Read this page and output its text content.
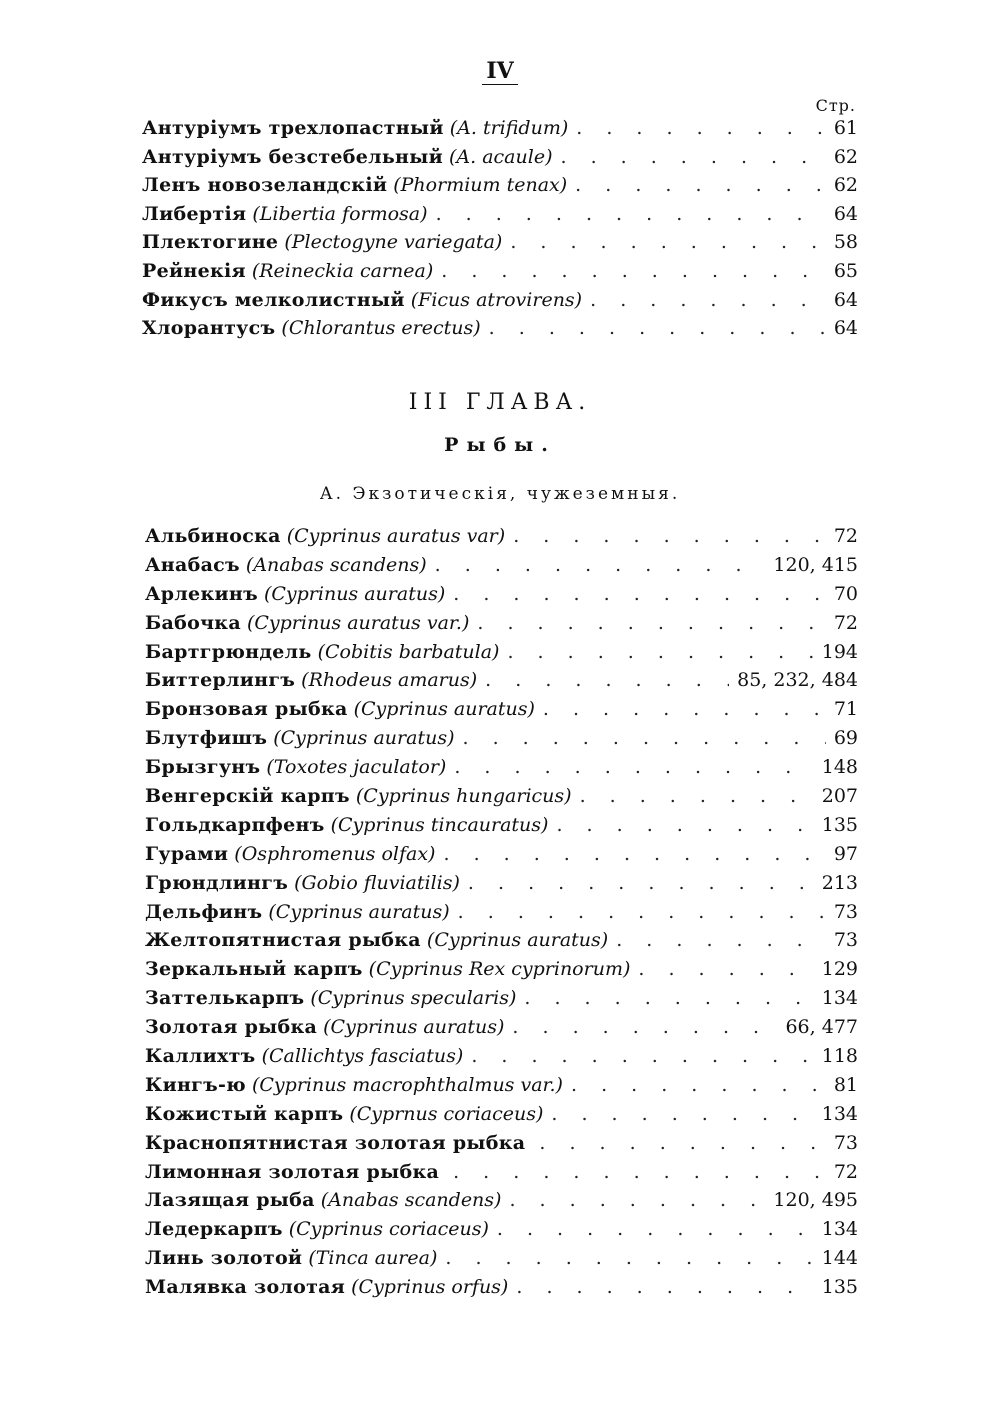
IV
Стр.
Антуріумъ трехлопастный (A. trifidum) . . .	61
Антуріумъ безстебельный (A. acaule) . . .	62
Ленъ новозеландскій (Phormium tenax) . . .	62
Либертія (Libertia formosa) . . .	64
Плектогине (Plectogyne variegata) . . .	58
Рейнекія (Reineckia carnea) . . .	65
Фикусъ мелколистный (Ficus atrovirens) . . .	64
Хлорантусъ (Chlorantus erectus) . . .	64
III ГЛАВА.
Рыбы.
А. Экзотическія, чужеземныя.
Альбиноска (Cyprinus auratus var) . . .	72
Анабасъ (Anabas scandens) . . .	120, 415
Арлекинъ (Cyprinus auratus) . . .	70
Бабочка (Cyprinus auratus var.) . . .	72
Бартгрюндель (Cobitis barbatula) . . .	194
Биттерлингъ (Rhodeus amarus) . . .	85, 232, 484
Бронзовая рыбка (Cyprinus auratus) . . .	71
Блутфишъ (Cyprinus auratus) . . .	69
Брызгунъ (Toxotes jaculator) . . .	148
Венгерскій карпъ (Cyprinus hungaricus) . . .	207
Гольдкарпфенъ (Cyprinus tincauratus) . . .	135
Гурами (Osphromenus olfax) . . .	97
Грюндлингъ (Gobio fluviatilis) . . .	213
Дельфинъ (Cyprinus auratus) . . .	73
Желтопятнистая рыбка (Cyprinus auratus) . . .	73
Зеркальный карпъ (Cyprinus Rex cyprinorum) . . .	129
Заттелькарпъ (Cyprinus specularis) . . .	134
Золотая рыбка (Cyprinus auratus) . . .	66, 477
Каллихтъ (Callichtys fasciatus) . . .	118
Кингъ-ю (Cyprinus macrophthalmus var.) . . .	81
Кожистый карпъ (Cyprnus coriaceus) . . .	134
Краснопятнистая золотая рыбка . . .	73
Лимонная золотая рыбка . . .	72
Лазящая рыба (Anabas scandens) . . .	120, 495
Ледеркарпъ (Cyprinus coriaceus) . . .	134
Линь золотой (Tinca aurea) . . .	144
Малявка золотая (Cyprinus orfus) . . .	135
